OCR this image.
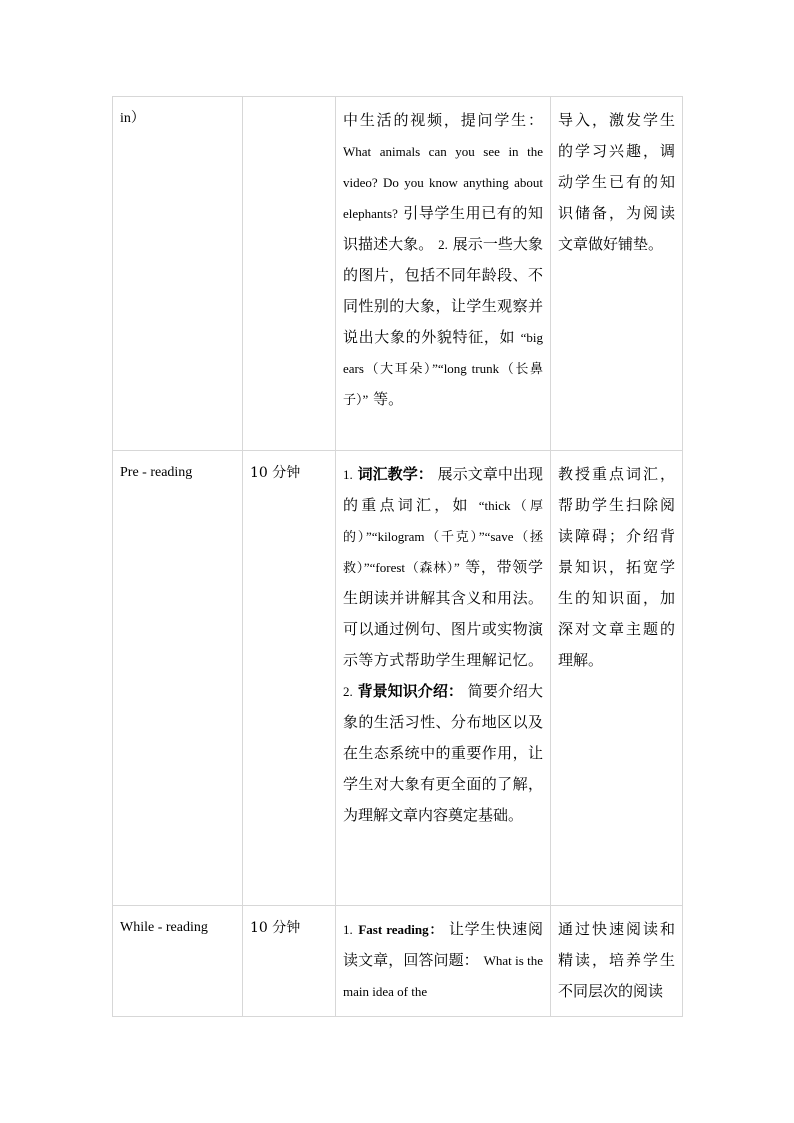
in）		中生活的视频，提问学生： What animals can you see in the video? Do you know anything about elephants? 引导学生用已有的知识描述大象。 2. 展示一些大象的图片，包括不同年龄段、不同性别的大象，让学生观察并说出大象的外貌特征，如 “big ears（大耳朵）”“long trunk（长鼻子）” 等。	导入，激发学生的学习兴趣，调动学生已有的知识储备，为阅读文章做好铺垫。

Pre - reading	10 分钟	1. 词汇教学： 展示文章中出现的重点词汇，如 “thick（厚的）”“kilogram（千克）”“save（拯救）”“forest（森林）” 等，带领学生朗读并讲解其含义和用法。可以通过例句、图片或实物演示等方式帮助学生理解记忆。 2. 背景知识介绍： 简要介绍大象的生活习性、分布地区以及在生态系统中的重要作用，让学生对大象有更全面的了解，为理解文章内容奠定基础。	教授重点词汇，帮助学生扫除阅读障碍；介绍背景知识，拓宽学生的知识面，加深对文章主题的理解。

While - reading	10 分钟	1. Fast reading： 让学生快速阅读文章，回答问题： What is the main idea of the	通过快速阅读和精读，培养学生不同层次的阅读
